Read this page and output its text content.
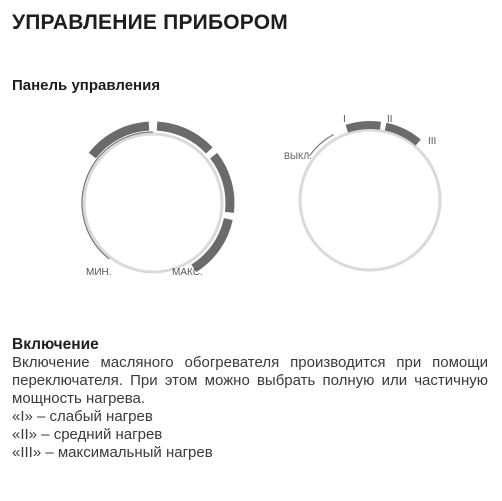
УПРАВЛЕНИЕ ПРИБОРОМ
Панель управления
МИН.	МАКС.
ВЫКЛ.
I	II
III
Включение
Включение масляного обогревателя производится при помощи переключателя. При этом можно выбрать полную или частичную мощность нагрева.
«I» – слабый нагрев
«II» – средний нагрев
«III» – максимальный нагрев
